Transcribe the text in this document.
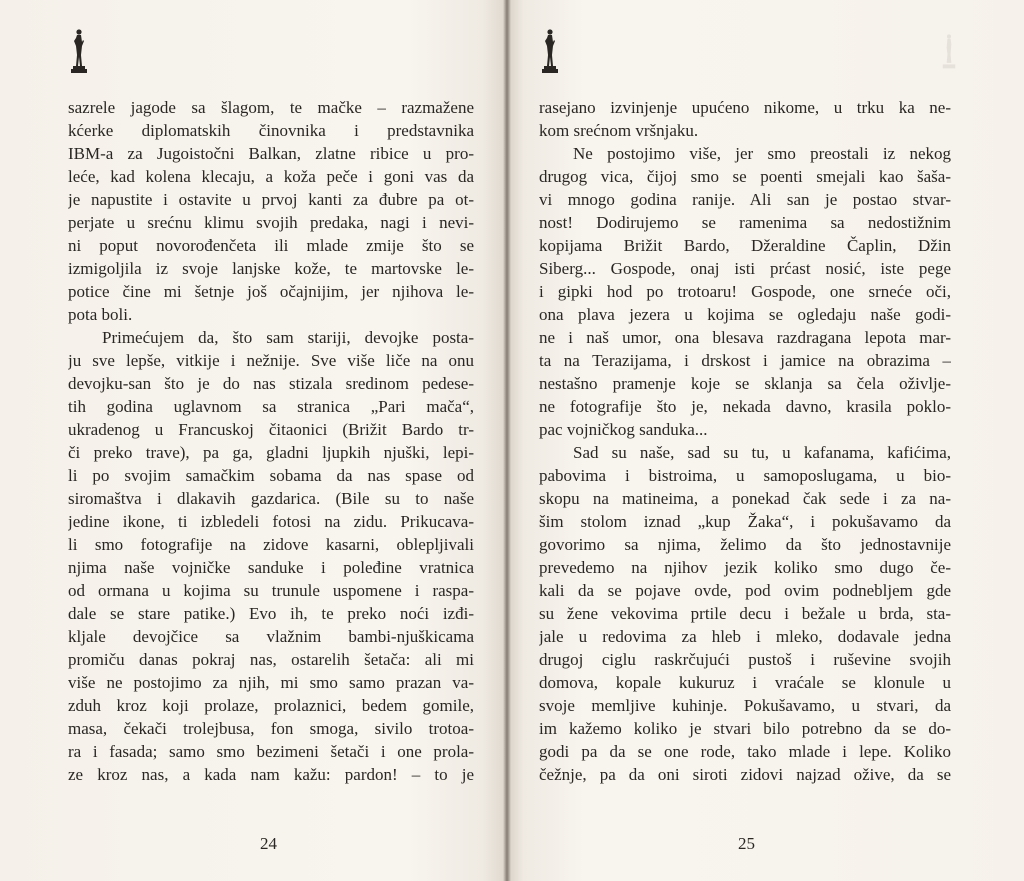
sazrele jagode sa šlagom, te mačke – razmažene
kćerke diplomatskih činovnika i predstavnika
IBM-a za Jugoistočni Balkan, zlatne ribice u pro-
leće, kad kolena klecaju, a koža peče i goni vas da
je napustite i ostavite u prvoj kanti za đubre pa ot-
perjate u srećnu klimu svojih predaka, nagi i nevi-
ni poput novorođenčeta ili mlade zmije što se
izmigoljila iz svoje lanjske kože, te martovske le-
potice čine mi šetnje još očajnijim, jer njihova le-
pota boli.
Primećujem da, što sam stariji, devojke posta-
ju sve lepše, vitkije i nežnije. Sve više liče na onu
devojku-san što je do nas stizala sredinom pedese-
tih godina uglavnom sa stranica „Pari mača“,
ukradenog u Francuskoj čitaonici (Brižit Bardo tr-
či preko trave), pa ga, gladni ljupkih njuški, lepi-
li po svojim samačkim sobama da nas spase od
siromaštva i dlakavih gazdarica. (Bile su to naše
jedine ikone, ti izbledeli fotosi na zidu. Prikucava-
li smo fotografije na zidove kasarni, oblepljivali
njima naše vojničke sanduke i poleđine vratnica
od ormana u kojima su trunule uspomene i raspa-
dale se stare patike.) Evo ih, te preko noći izđi-
kljale devojčice sa vlažnim bambi-njuškicama
promiču danas pokraj nas, ostarelih šetača: ali mi
više ne postojimo za njih, mi smo samo prazan va-
zduh kroz koji prolaze, prolaznici, bedem gomile,
masa, čekači trolejbusa, fon smoga, sivilo trotoa-
ra i fasada; samo smo bezimeni šetači i one prola-
ze kroz nas, a kada nam kažu: pardon! – to je
24
rasejano izvinjenje upućeno nikome, u trku ka ne-
kom srećnom vršnjaku.
Ne postojimo više, jer smo preostali iz nekog
drugog vica, čijoj smo se poenti smejali kao šaša-
vi mnogo godina ranije. Ali san je postao stvar-
nost! Dodirujemo se ramenima sa nedostižnim
kopijama Brižit Bardo, Džeraldine Čaplin, Džin
Siberg... Gospode, onaj isti prćast nosić, iste pege
i gipki hod po trotoaru! Gospode, one srneće oči,
ona plava jezera u kojima se ogledaju naše godi-
ne i naš umor, ona blesava razdragana lepota mar-
ta na Terazijama, i drskost i jamice na obrazima –
nestašno pramenje koje se sklanja sa čela oživlje-
ne fotografije što je, nekada davno, krasila poklo-
pac vojničkog sanduka...
Sad su naše, sad su tu, u kafanama, kafićima,
pabovima i bistroima, u samoposlugama, u bio-
skopu na matineima, a ponekad čak sede i za na-
šim stolom iznad „kup Žaka“, i pokušavamo da
govorimo sa njima, želimo da što jednostavnije
prevedemo na njihov jezik koliko smo dugo če-
kali da se pojave ovde, pod ovim podnebljem gde
su žene vekovima prtile decu i bežale u brda, sta-
jale u redovima za hleb i mleko, dodavale jedna
drugoj ciglu raskrčujući pustoš i ruševine svojih
domova, kopale kukuruz i vraćale se klonule u
svoje memljive kuhinje. Pokušavamo, u stvari, da
im kažemo koliko je stvari bilo potrebno da se do-
godi pa da se one rode, tako mlade i lepe. Koliko
čežnje, pa da oni siroti zidovi najzad ožive, da se
25
